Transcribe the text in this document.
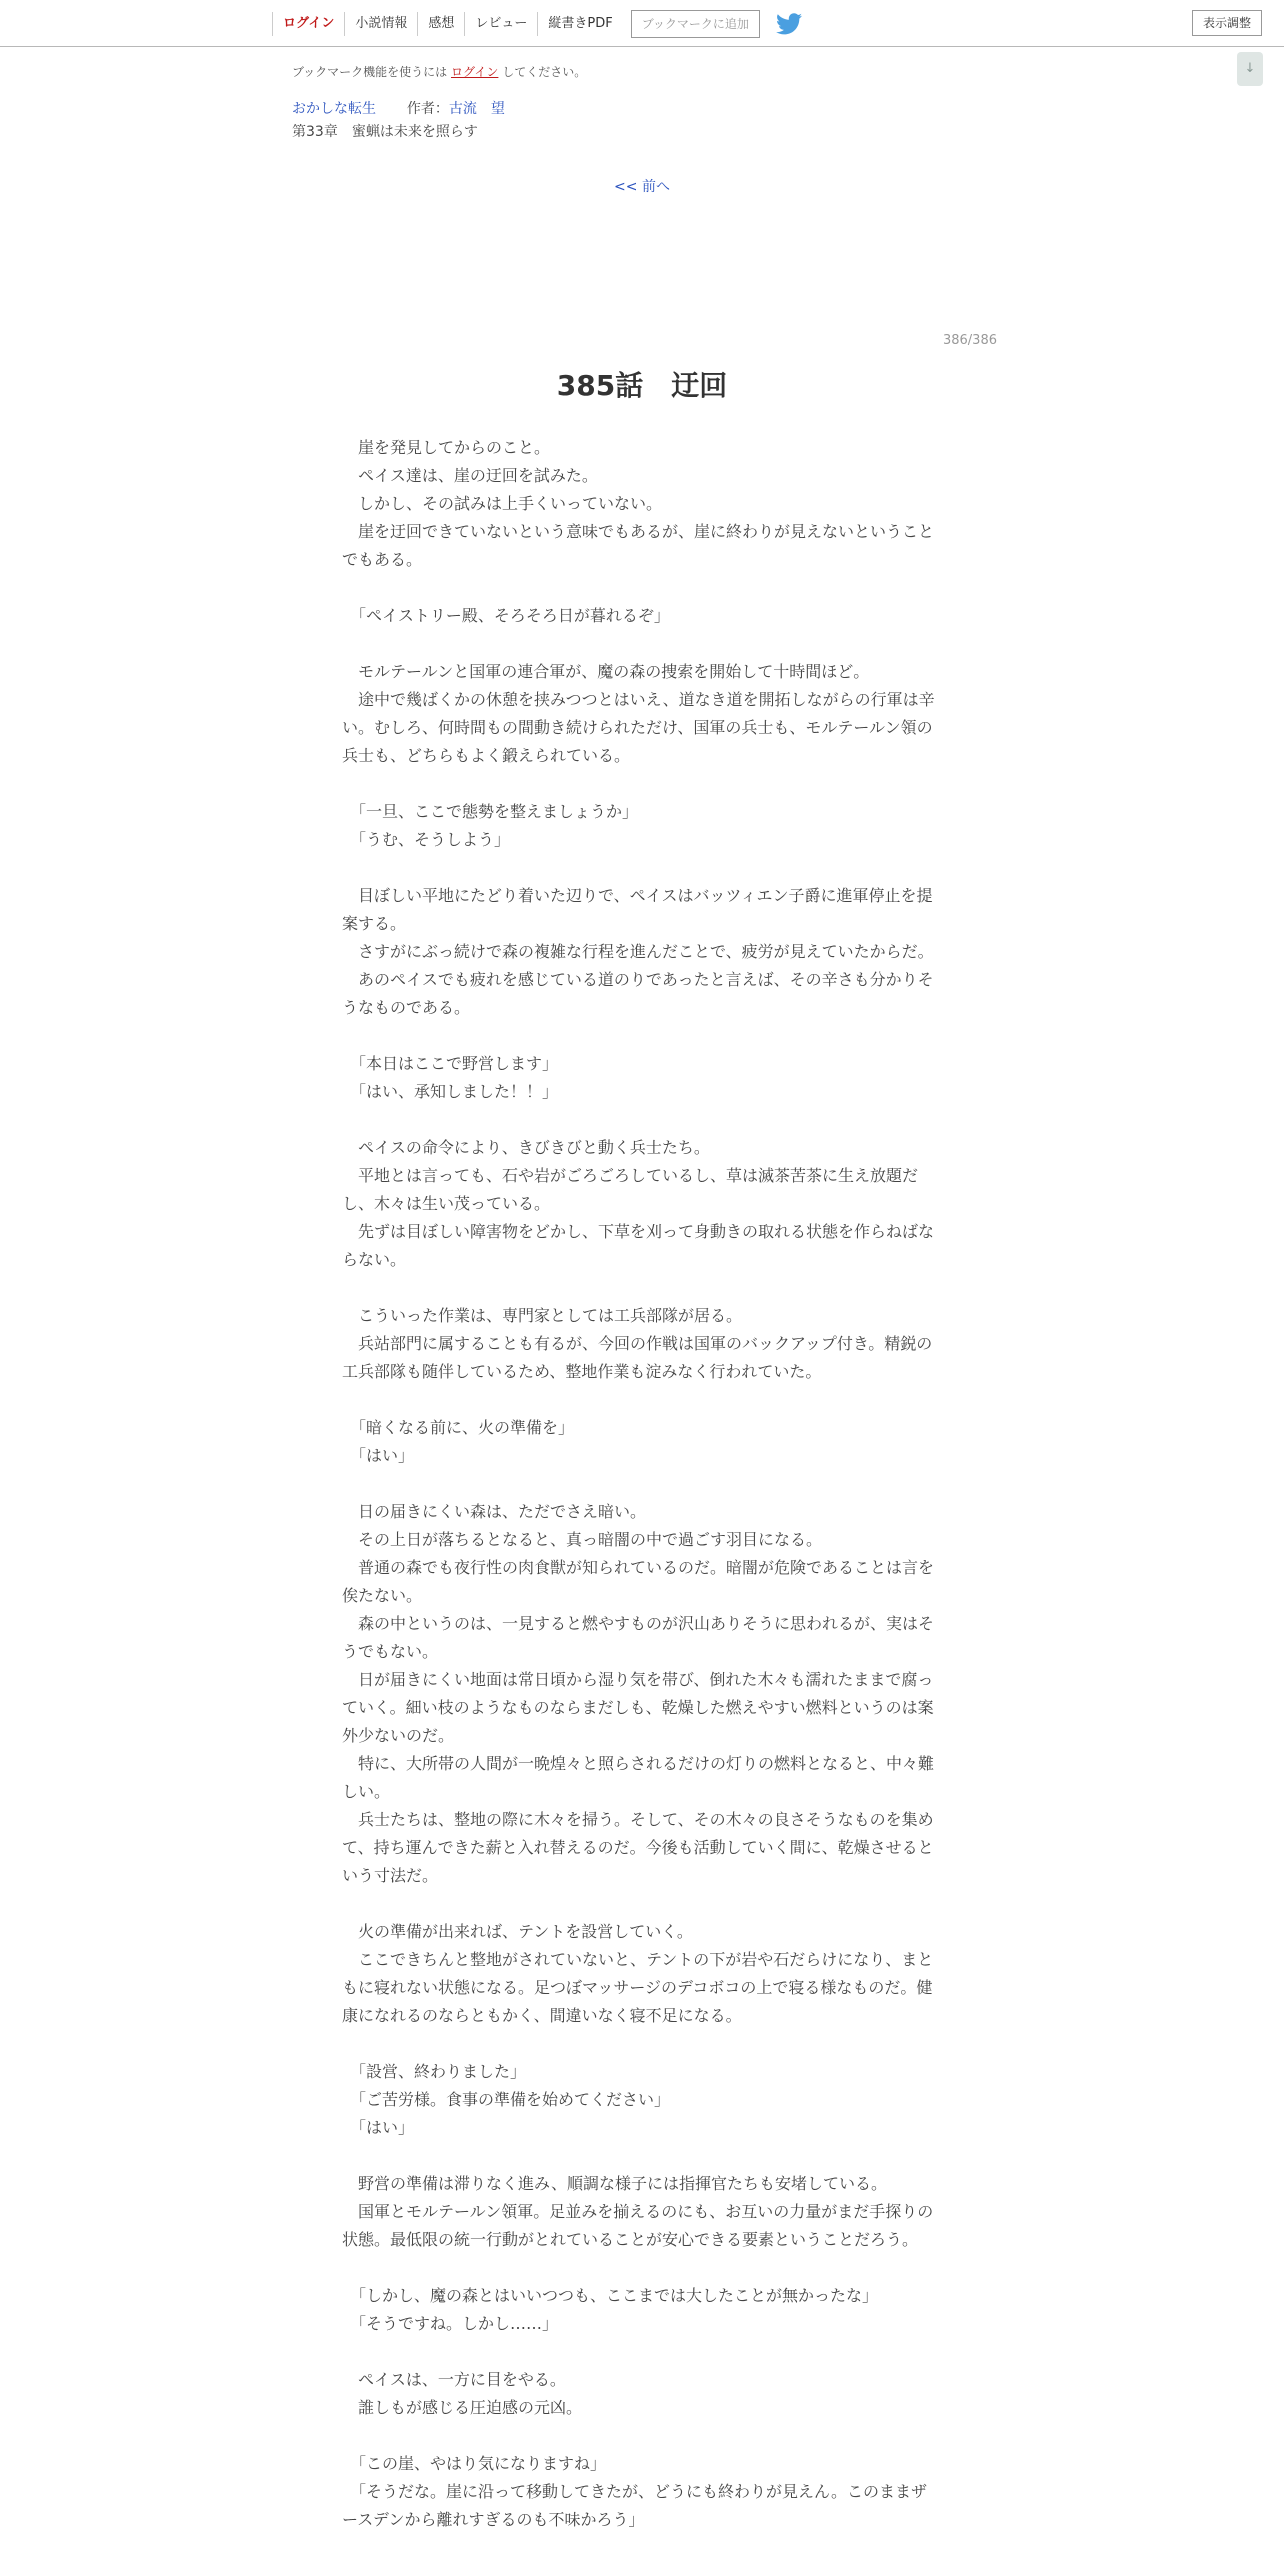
ログイン	小説情報	感想	レビュー	縦書きPDF	ブックマークに追加	表示調整
↓
ブックマーク機能を使うには ログイン してください。
おかしな転生 作者：古流　望
第33章　蜜蝋は未来を照らす
<< 前へ
386/386
385話　迂回

　崖を発見してからのこと。

　ペイス達は、崖の迂回を試みた。

　しかし、その試みは上手くいっていない。

　崖を迂回できていないという意味でもあるが、崖に終わりが見えないということ

でもある。

　「ペイストリー殿、そろそろ日が暮れるぞ」

　モルテールンと国軍の連合軍が、魔の森の捜索を開始して十時間ほど。

　途中で幾ばくかの休憩を挟みつつとはいえ、道なき道を開拓しながらの行軍は辛

い。むしろ、何時間もの間動き続けられただけ、国軍の兵士も、モルテールン領の

兵士も、どちらもよく鍛えられている。

　「一旦、ここで態勢を整えましょうか」

　「うむ、そうしよう」

　目ぼしい平地にたどり着いた辺りで、ペイスはバッツィエン子爵に進軍停止を提

案する。

　さすがにぶっ続けで森の複雑な行程を進んだことで、疲労が見えていたからだ。

　あのペイスでも疲れを感じている道のりであったと言えば、その辛さも分かりそ

うなものである。

　「本日はここで野営します」

　「はい、承知しました！！」

　ペイスの命令により、きびきびと動く兵士たち。

　平地とは言っても、石や岩がごろごろしているし、草は滅茶苦茶に生え放題だ

し、木々は生い茂っている。

　先ずは目ぼしい障害物をどかし、下草を刈って身動きの取れる状態を作らねばな

らない。

　こういった作業は、専門家としては工兵部隊が居る。

　兵站部門に属することも有るが、今回の作戦は国軍のバックアップ付き。精鋭の

工兵部隊も随伴しているため、整地作業も淀みなく行われていた。

　「暗くなる前に、火の準備を」

　「はい」

　日の届きにくい森は、ただでさえ暗い。

　その上日が落ちるとなると、真っ暗闇の中で過ごす羽目になる。

　普通の森でも夜行性の肉食獣が知られているのだ。暗闇が危険であることは言を

俟たない。

　森の中というのは、一見すると燃やすものが沢山ありそうに思われるが、実はそ

うでもない。

　日が届きにくい地面は常日頃から湿り気を帯び、倒れた木々も濡れたままで腐っ

ていく。細い枝のようなものならまだしも、乾燥した燃えやすい燃料というのは案

外少ないのだ。

　特に、大所帯の人間が一晩煌々と照らされるだけの灯りの燃料となると、中々難

しい。

　兵士たちは、整地の際に木々を掃う。そして、その木々の良さそうなものを集め

て、持ち運んできた薪と入れ替えるのだ。今後も活動していく間に、乾燥させると

いう寸法だ。

　火の準備が出来れば、テントを設営していく。

　ここできちんと整地がされていないと、テントの下が岩や石だらけになり、まと

もに寝れない状態になる。足つぼマッサージのデコボコの上で寝る様なものだ。健

康になれるのならともかく、間違いなく寝不足になる。

　「設営、終わりました」

　「ご苦労様。食事の準備を始めてください」

　「はい」

　野営の準備は滞りなく進み、順調な様子には指揮官たちも安堵している。

　国軍とモルテールン領軍。足並みを揃えるのにも、お互いの力量がまだ手探りの

状態。最低限の統一行動がとれていることが安心できる要素ということだろう。

　「しかし、魔の森とはいいつつも、ここまでは大したことが無かったな」

　「そうですね。しかし……」

　ペイスは、一方に目をやる。

　誰しもが感じる圧迫感の元凶。

　「この崖、やはり気になりますね」

　「そうだな。崖に沿って移動してきたが、どうにも終わりが見えん。このままザ

ースデンから離れすぎるのも不味かろう」
